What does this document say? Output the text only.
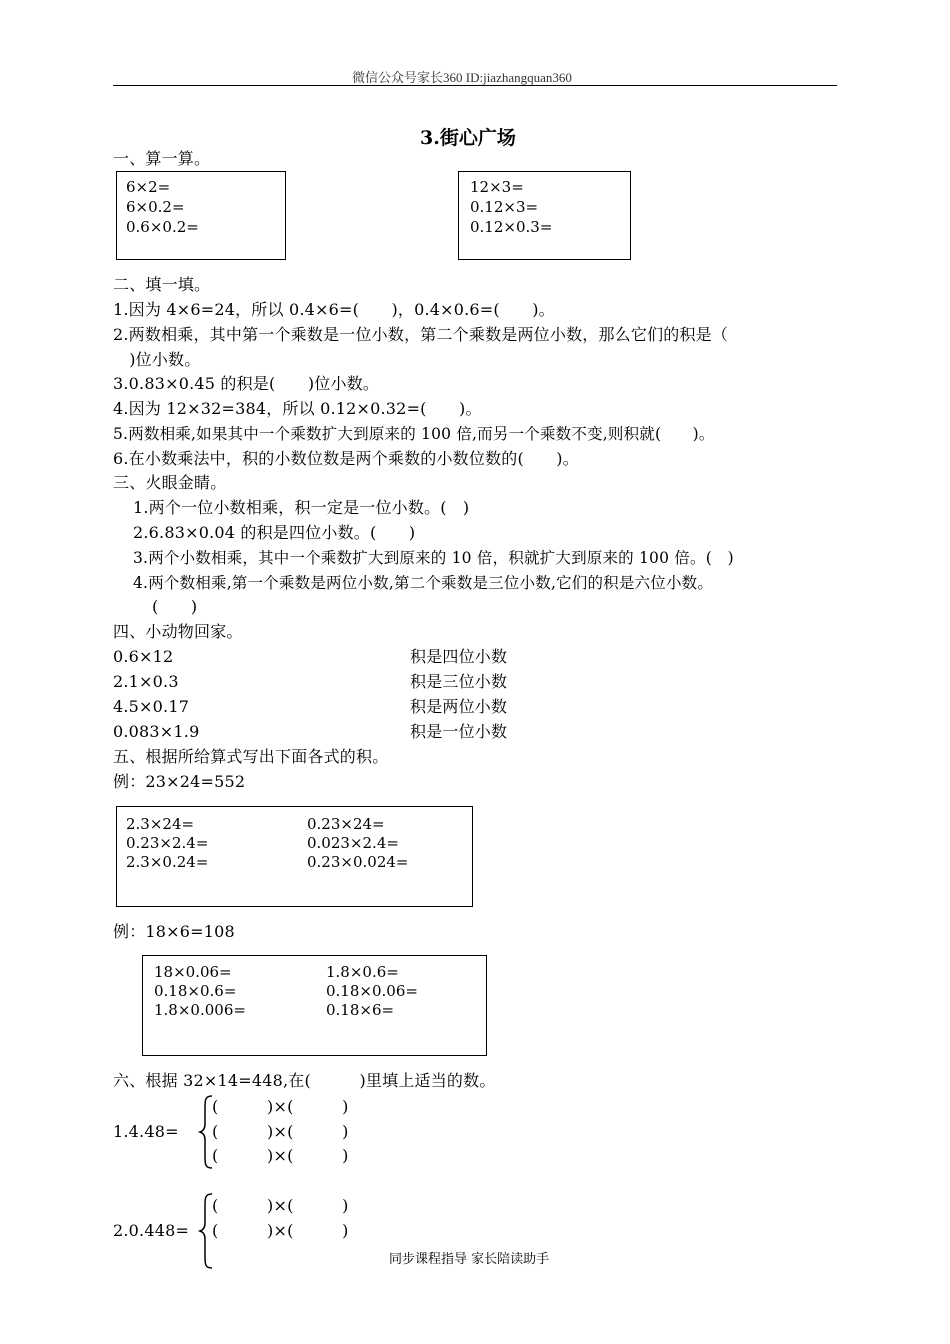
微信公众号家长360 ID:jiazhangquan360
3.街心广场
一、算一算。
6×2=
6×0.2=
0.6×0.2=
12×3=
0.12×3=
0.12×0.3=
二、填一填。
1.因为 4×6=24，所以 0.4×6=(　　)，0.4×0.6=(　　)。
2.两数相乘，其中第一个乘数是一位小数，第二个乘数是两位小数，那么它们的积是（
　)位小数。
3.0.83×0.45 的积是(　　)位小数。
4.因为 12×32=384，所以 0.12×0.32=(　　)。
5.两数相乘,如果其中一个乘数扩大到原来的 100 倍,而另一个乘数不变,则积就(　　)。
6.在小数乘法中，积的小数位数是两个乘数的小数位数的(　　)。
三、火眼金睛。
1.两个一位小数相乘，积一定是一位小数。(　)
2.6.83×0.04 的积是四位小数。(　　)
3.两个小数相乘，其中一个乘数扩大到原来的 10 倍，积就扩大到原来的 100 倍。(　)
4.两个数相乘,第一个乘数是两位小数,第二个乘数是三位小数,它们的积是六位小数。
(　　)
四、小动物回家。
0.6×12
2.1×0.3
4.5×0.17
0.083×1.9
积是四位小数
积是三位小数
积是两位小数
积是一位小数
五、根据所给算式写出下面各式的积。
例：23×24=552
2.3×24=
0.23×2.4=
2.3×0.24=
0.23×24=
0.023×2.4=
0.23×0.024=
例：18×6=108
18×0.06=
0.18×0.6=
1.8×0.006=
1.8×0.6=
0.18×0.06=
0.18×6=
六、根据 32×14=448,在(　　　)里填上适当的数。
1.4.48=
(　　　)×(　　　)
(　　　)×(　　　)
(　　　)×(　　　)
2.0.448=
(　　　)×(　　　)
(　　　)×(　　　)
同步课程指导 家长陪读助手
